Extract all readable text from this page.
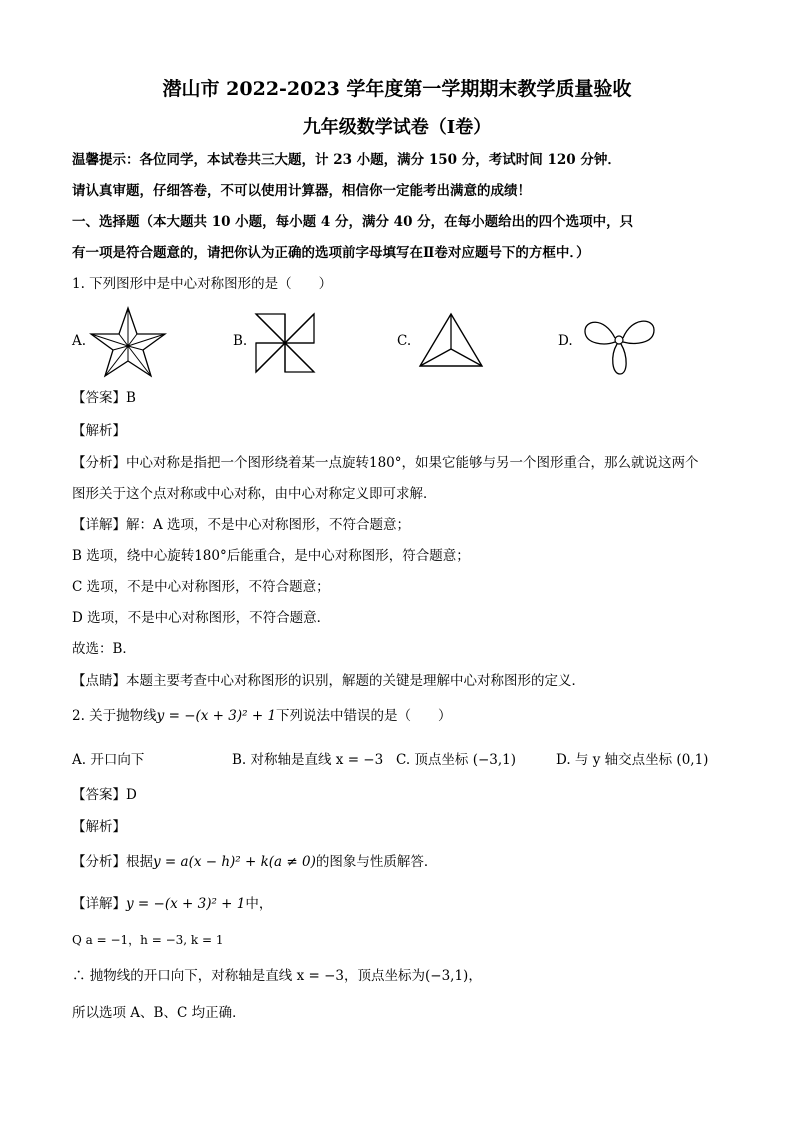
潜山市 2022-2023 学年度第一学期期末教学质量验收
九年级数学试卷（Ⅰ卷）
温馨提示：各位同学，本试卷共三大题，计 23 小题，满分 150 分，考试时间 120 分钟．
请认真审题，仔细答卷，不可以使用计算器，相信你一定能考出满意的成绩！
一、选择题（本大题共 10 小题，每小题 4 分，满分 40 分，在每小题给出的四个选项中，只
有一项是符合题意的，请把你认为正确的选项前字母填写在Ⅱ卷对应题号下的方框中．）
1. 下列图形中是中心对称图形的是（　　）
A.	B.	C.	D.
【答案】B
【解析】
【分析】中心对称是指把一个图形绕着某一点旋转180°，如果它能够与另一个图形重合，那么就说这两个
图形关于这个点对称或中心对称，由中心对称定义即可求解．
【详解】解：A 选项，不是中心对称图形，不符合题意；
B 选项，绕中心旋转180°后能重合，是中心对称图形，符合题意；
C 选项，不是中心对称图形，不符合题意；
D 选项，不是中心对称图形，不符合题意．
故选：B．
【点睛】本题主要考查中心对称图形的识别，解题的关键是理解中心对称图形的定义．
2. 关于抛物线y = −(x + 3)² + 1下列说法中错误的是（　　）
A. 开口向下	B. 对称轴是直线 x = −3 C. 顶点坐标 (−3,1)	D. 与 y 轴交点坐标 (0,1)
【答案】D
【解析】
【分析】根据y = a(x − h)² + k(a ≠ 0)的图象与性质解答．
【详解】y = −(x + 3)² + 1中，
Q a = −1，h = −3, k = 1
∴ 抛物线的开口向下，对称轴是直线 x = −3，顶点坐标为(−3,1)，
所以选项 A、B、C 均正确．
